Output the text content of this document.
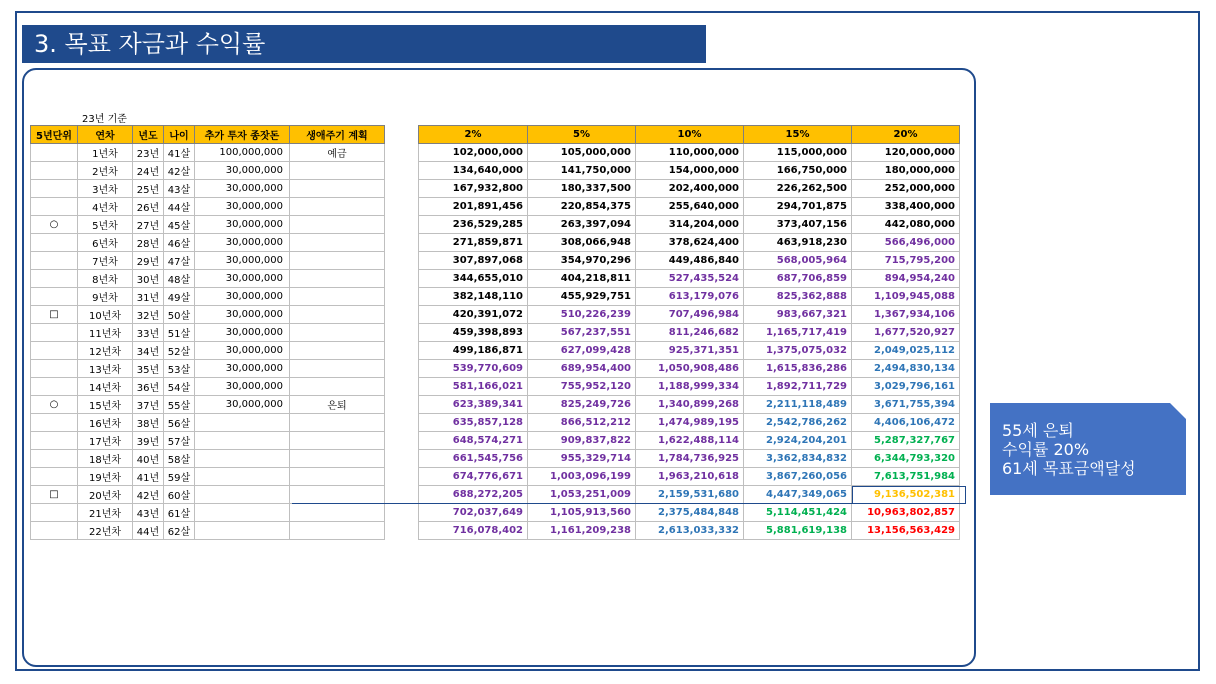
3. 목표 자금과 수익률
23년 기준
5년단위	연차	년도	나이	추가 투자 종잣돈	생애주기 계획
	1년차	23년	41살	100,000,000	예금
	2년차	24년	42살	30,000,000	
	3년차	25년	43살	30,000,000	
	4년차	26년	44살	30,000,000	
○	5년차	27년	45살	30,000,000	
	6년차	28년	46살	30,000,000	
	7년차	29년	47살	30,000,000	
	8년차	30년	48살	30,000,000	
	9년차	31년	49살	30,000,000	
□	10년차	32년	50살	30,000,000	
	11년차	33년	51살	30,000,000	
	12년차	34년	52살	30,000,000	
	13년차	35년	53살	30,000,000	
	14년차	36년	54살	30,000,000	
○	15년차	37년	55살	30,000,000	은퇴
	16년차	38년	56살		
	17년차	39년	57살		
	18년차	40년	58살		
	19년차	41년	59살		
□	20년차	42년	60살		
	21년차	43년	61살		
	22년차	44년	62살		
2%	5%	10%	15%	20%
102,000,000	105,000,000	110,000,000	115,000,000	120,000,000
134,640,000	141,750,000	154,000,000	166,750,000	180,000,000
167,932,800	180,337,500	202,400,000	226,262,500	252,000,000
201,891,456	220,854,375	255,640,000	294,701,875	338,400,000
236,529,285	263,397,094	314,204,000	373,407,156	442,080,000
271,859,871	308,066,948	378,624,400	463,918,230	566,496,000
307,897,068	354,970,296	449,486,840	568,005,964	715,795,200
344,655,010	404,218,811	527,435,524	687,706,859	894,954,240
382,148,110	455,929,751	613,179,076	825,362,888	1,109,945,088
420,391,072	510,226,239	707,496,984	983,667,321	1,367,934,106
459,398,893	567,237,551	811,246,682	1,165,717,419	1,677,520,927
499,186,871	627,099,428	925,371,351	1,375,075,032	2,049,025,112
539,770,609	689,954,400	1,050,908,486	1,615,836,286	2,494,830,134
581,166,021	755,952,120	1,188,999,334	1,892,711,729	3,029,796,161
623,389,341	825,249,726	1,340,899,268	2,211,118,489	3,671,755,394
635,857,128	866,512,212	1,474,989,195	2,542,786,262	4,406,106,472
648,574,271	909,837,822	1,622,488,114	2,924,204,201	5,287,327,767
661,545,756	955,329,714	1,784,736,925	3,362,834,832	6,344,793,320
674,776,671	1,003,096,199	1,963,210,618	3,867,260,056	7,613,751,984
688,272,205	1,053,251,009	2,159,531,680	4,447,349,065	9,136,502,381
702,037,649	1,105,913,560	2,375,484,848	5,114,451,424	10,963,802,857
716,078,402	1,161,209,238	2,613,033,332	5,881,619,138	13,156,563,429
55세 은퇴
수익률 20%
61세 목표금액달성
